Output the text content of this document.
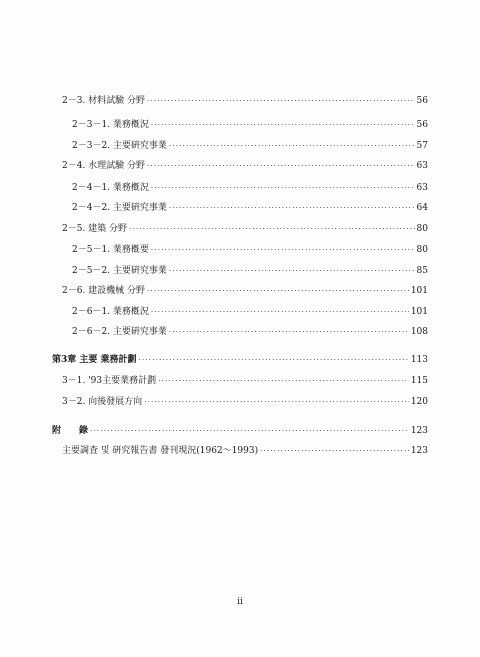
2－3. 材料試驗 分野 ·····	56
2－3－1. 業務槪況 ·····	56
2－3－2. 主要硏究事業 ·····	57
2－4. 水理試驗 分野 ·····	63
2－4－1. 業務槪況 ·····	63
2－4－2. 主要硏究事業 ·····	64
2－5. 建築 分野 ·····	80
2－5－1. 業務槪要 ·····	80
2－5－2. 主要硏究事業 ·····	85
2－6. 建設機械 分野 ·····	101
2－6－1. 業務槪況 ·····	101
2－6－2. 主要硏究事業 ·····	108
第3章 主要 業務計劃 ·····	113
3－1. '93主要業務計劃 ·····	115
3－2. 向後發展方向 ·····	120
附　　錄 ·····	123
主要調査 및 硏究報告書 發刊現況(1962～1993) ·····	123
ii
